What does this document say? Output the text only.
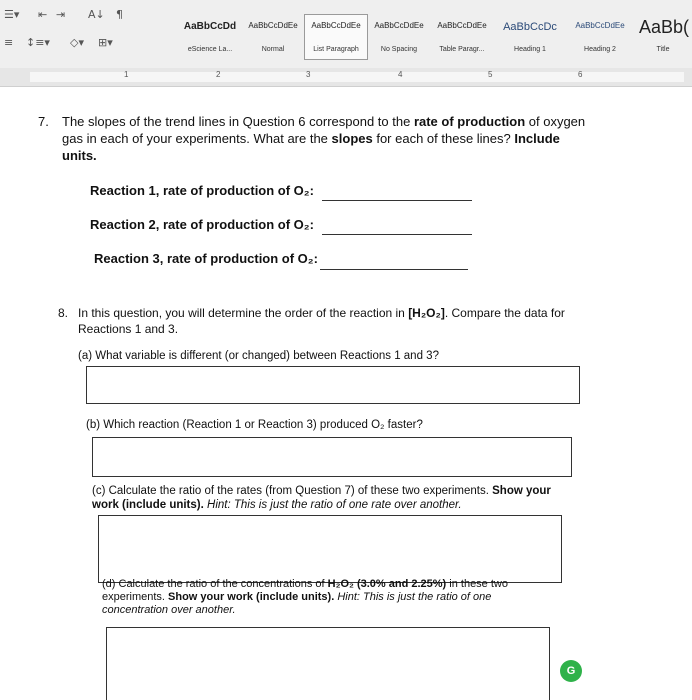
☰▾ ⇤ ⇥ A↓ ¶
≡ ↕≡▾ ◇▾ ⊞▾
AaBbCcDd
eScience La...
AaBbCcDdEe
Normal
AaBbCcDdEe
List Paragraph
AaBbCcDdEe
No Spacing
AaBbCcDdEe
Table Paragr...
AaBbCcDc
Heading 1
AaBbCcDdEe
Heading 2
AaBb(
Title
1	2	3	4	5	6
7. The slopes of the trend lines in Question 6 correspond to the rate of production of oxygen gas in each of your experiments. What are the slopes for each of these lines? Include units.
Reaction 1, rate of production of O₂:
Reaction 2, rate of production of O₂:
Reaction 3, rate of production of O₂:
8. In this question, you will determine the order of the reaction in [H₂O₂]. Compare the data for Reactions 1 and 3.
(a) What variable is different (or changed) between Reactions 1 and 3?
(b) Which reaction (Reaction 1 or Reaction 3) produced O₂ faster?
(c) Calculate the ratio of the rates (from Question 7) of these two experiments. Show your work (include units). Hint: This is just the ratio of one rate over another.
(d) Calculate the ratio of the concentrations of H₂O₂ (3.0% and 2.25%) in these two experiments. Show your work (include units). Hint: This is just the ratio of one concentration over another.
G
